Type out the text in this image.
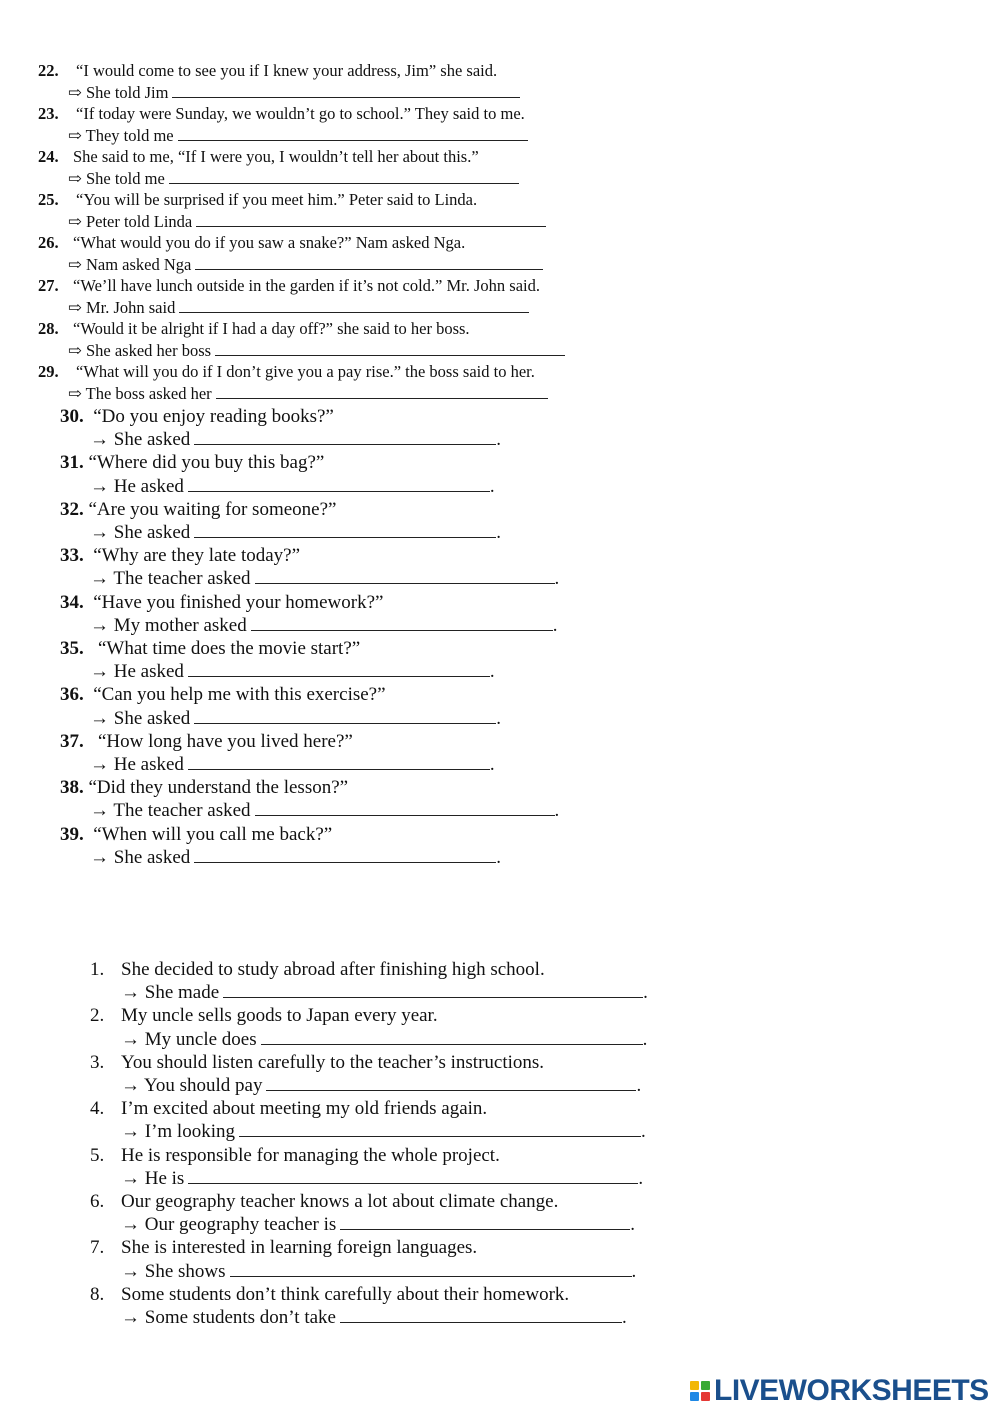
22. “I would come to see you if I knew your address, Jim” she said.
⇨ She told Jim
23. “If today were Sunday, we wouldn’t go to school.” They said to me.
⇨ They told me
24. She said to me, “If I were you, I wouldn’t tell her about this.”
⇨ She told me
25. “You will be surprised if you meet him.” Peter said to Linda.
⇨ Peter told Linda
26. “What would you do if you saw a snake?” Nam asked Nga.
⇨ Nam asked Nga
27. “We’ll have lunch outside in the garden if it’s not cold.” Mr. John said.
⇨ Mr. John said
28. “Would it be alright if I had a day off?” she said to her boss.
⇨ She asked her boss
29. “What will you do if I don’t give you a pay rise.” the boss said to her.
⇨ The boss asked her
30. “Do you enjoy reading books?”
→ She asked	.
31. “Where did you buy this bag?”
→ He asked	.
32. “Are you waiting for someone?”
→ She asked	.
33. “Why are they late today?”
→ The teacher asked	.
34. “Have you finished your homework?”
→ My mother asked	.
35. “What time does the movie start?”
→ He asked	.
36. “Can you help me with this exercise?”
→ She asked	.
37. “How long have you lived here?”
→ He asked	.
38. “Did they understand the lesson?”
→ The teacher asked	.
39. “When will you call me back?”
→ She asked	.
1. She decided to study abroad after finishing high school.
→ She made	.
2. My uncle sells goods to Japan every year.
→ My uncle does	.
3. You should listen carefully to the teacher’s instructions.
→ You should pay	.
4. I’m excited about meeting my old friends again.
→ I’m looking	.
5. He is responsible for managing the whole project.
→ He is	.
6. Our geography teacher knows a lot about climate change.
→ Our geography teacher is	.
7. She is interested in learning foreign languages.
→ She shows	.
8. Some students don’t think carefully about their homework.
→ Some students don’t take	.
LIVEWORKSHEETS
